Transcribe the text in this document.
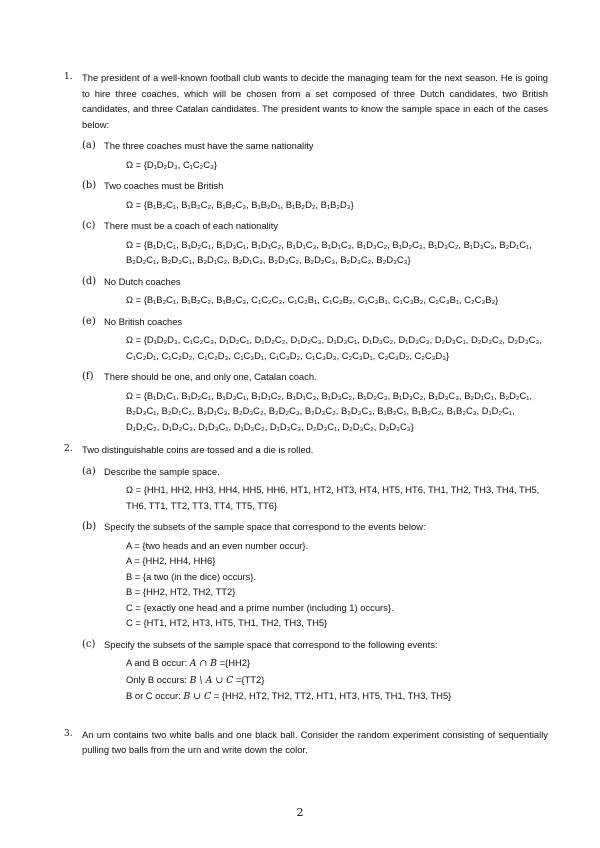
1. The president of a well-known football club wants to decide the managing team for the next season. He is going to hire three coaches, which will be chosen from a set composed of three Dutch candidates, two British candidates, and three Catalan candidates. The president wants to know the sample space in each of the cases below:
(a) The three coaches must have the same nationality
Ω = {D₁D₂D₃, C₁C₂C₃}
(b) Two coaches must be British
Ω = {B₁B₂C₁, B₁B₂C₂, B₁B₂C₃, B₁B₂D₁, B₁B₂D₂, B₁B₂D₃}
(c) There must be a coach of each nationality
Ω = {B₁D₁C₁, B₁D₂C₁, B₁D₃C₁, B₁D₁C₂, B₁D₁C₃, B₁D₁C₃, B₁D₃C₂, B₁D₂C₃, B₁D₃C₂, B₁D₃C₃, B₂D₁C₁, B₂D₂C₁, B₂D₃C₁, B₂D₁C₂, B₂D₁C₃, B₂D₃C₂, B₂D₂C₃, B₂D₃C₂, B₂D₃C₃}
(d) No Dutch coaches
Ω = {B₁B₂C₁, B₁B₂C₂, B₁B₂C₃, C₁C₂C₃, C₁C₂B₁, C₁C₂B₂, C₁C₃B₁, C₁C₃B₂, C₂C₃B₁, C₂C₃B₂}
(e) No British coaches
Ω = {D₁D₂D₃, C₁C₂C₃, D₁D₂C₁, D₁D₂C₂, D₁D₂C₃, D₁D₃C₁, D₁D₃C₂, D₁D₃C₃, D₂D₃C₁, D₂D₃C₂, D₂D₃C₃, C₁C₂D₁, C₁C₂D₂, C₁C₂D₃, C₁C₃D₁, C₁C₃D₂, C₁C₃D₃, C₂C₃D₁, C₂C₃D₂, C₂C₃D₃}
(f) There should be one, and only one, Catalan coach.
Ω = {B₁D₁C₁, B₁D₂C₁, B₁D₃C₁, B₁D₁C₂, B₁D₁C₃, B₁D₃C₂, B₁D₂C₃, B₁D₃C₂, B₁D₃C₃, B₂D₁C₁, B₂D₂C₁, B₂D₃C₁, B₂D₁C₂, B₂D₁C₃, B₂D₃C₂, B₂D₂C₃, B₂D₃C₂, B₂D₃C₃, B₁B₂C₁, B₁B₂C₂, B₁B₂C₃, D₁D₂C₁, D₁D₂C₂, D₁D₂C₃, D₁D₃C₁, D₁D₃C₂, D₁D₃C₃, D₂D₃C₁, D₂D₃C₂, D₂D₃C₃}
2. Two distinguishable coins are tossed and a die is rolled.
(a) Describe the sample space.
Ω = {HH1, HH2, HH3, HH4, HH5, HH6, HT1, HT2, HT3, HT4, HT5, HT6, TH1, TH2, TH3, TH4, TH5, TH6, TT1, TT2, TT3, TT4, TT5, TT6}
(b) Specify the subsets of the sample space that correspond to the events below:
A = {two heads and an even number occur}.
A = {HH2, HH4, HH6}
B = {a two (in the dice) occurs}.
B = {HH2, HT2, TH2, TT2}
C = {exactly one head and a prime number (including 1) occurs}.
C = {HT1, HT2, HT3, HT5, TH1, TH2, TH3, TH5}
(c) Specify the subsets of the sample space that correspond to the following events:
A and B occur: A ∩ B ={HH2}
Only B occurs: B \ A ∪ C ={TT2}
B or C occur: B ∪ C = {HH2, HT2, TH2, TT2, HT1, HT3, HT5, TH1, TH3, TH5}
3. An urn contains two white balls and one black ball. Consider the random experiment consisting of sequentially pulling two balls from the urn and write down the color.
2
